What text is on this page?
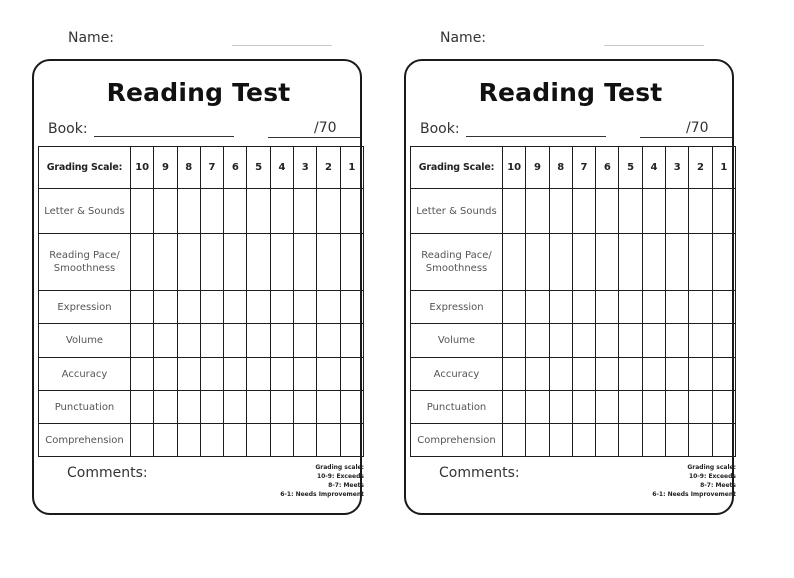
Name:
Reading Test
Book:	/70
Grading Scale:	10	9	8	7	6	5	4	3	2	1
Letter & Sounds										
Reading Pace/ Smoothness										
Expression										
Volume										
Accuracy										
Punctuation										
Comprehension										
Comments:	Grading scale:
10-9: Exceeds
8-7: Meets
6-1: Needs Improvement
Name:
Reading Test
Book:	/70
Grading Scale:	10	9	8	7	6	5	4	3	2	1
Letter & Sounds										
Reading Pace/ Smoothness										
Expression										
Volume										
Accuracy										
Punctuation										
Comprehension										
Comments:	Grading scale:
10-9: Exceeds
8-7: Meets
6-1: Needs Improvement
